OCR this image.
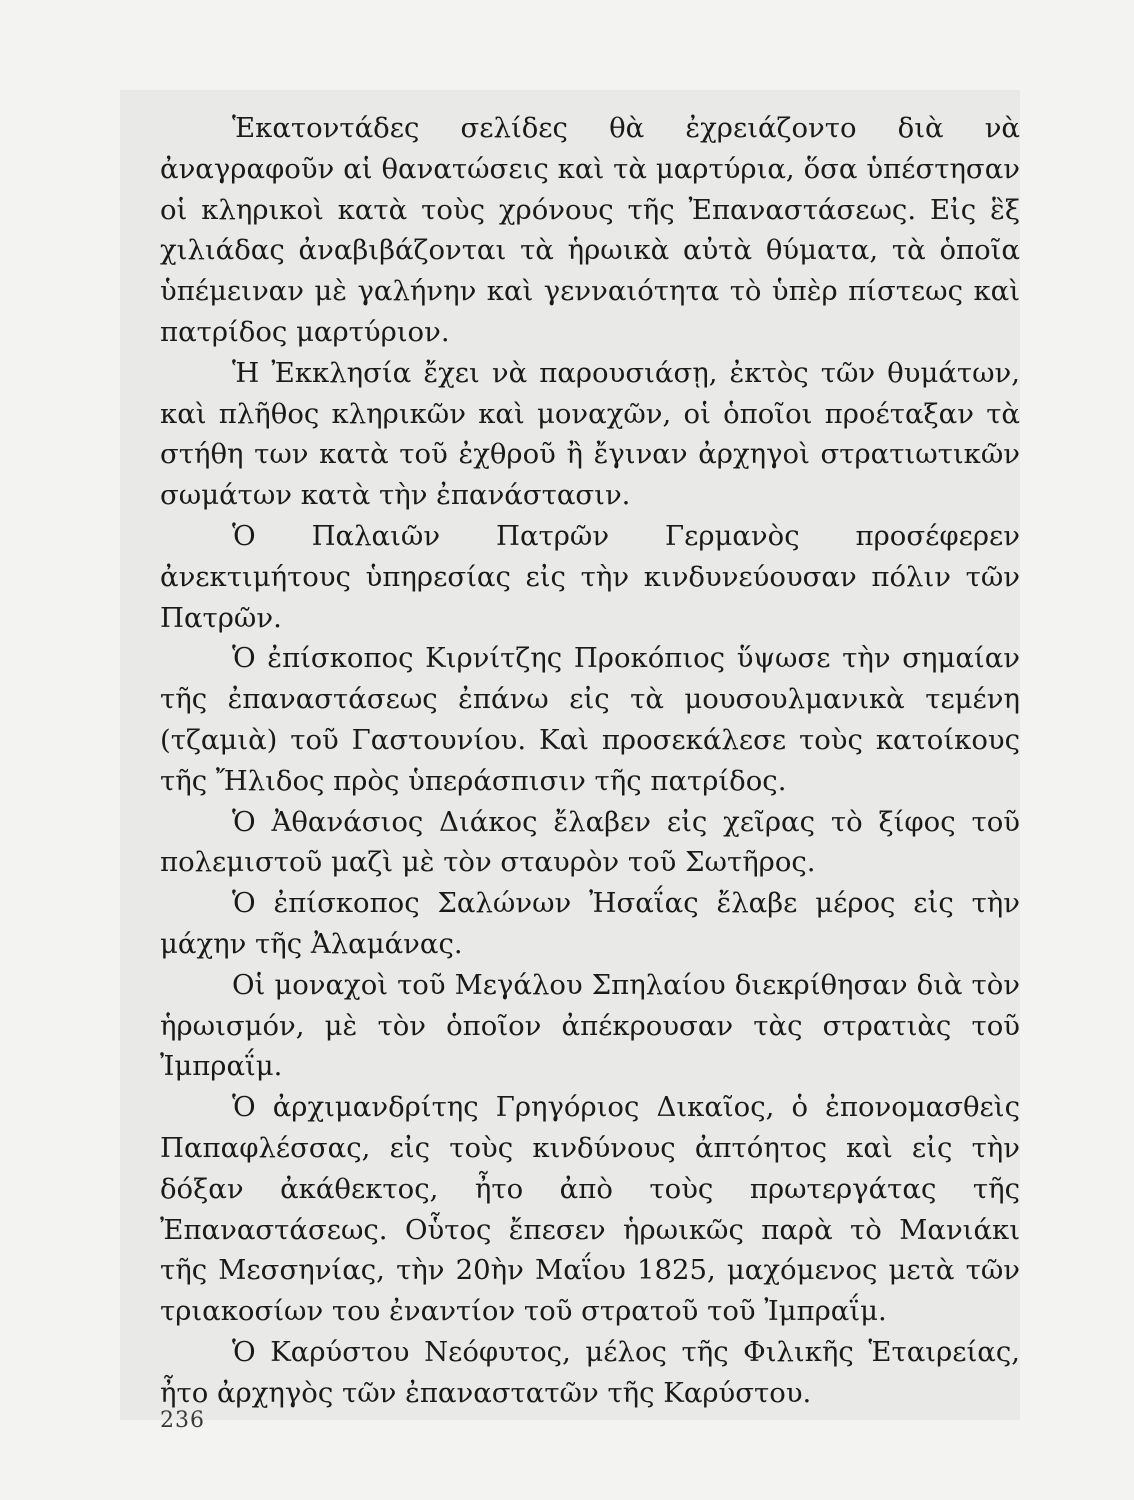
Ἑκατοντάδες σελίδες θὰ ἐχρειάζοντο διὰ νὰ ἀναγραφοῦν αἱ θανατώσεις καὶ τὰ μαρτύρια, ὅσα ὑπέστησαν οἱ κληρικοὶ κατὰ τοὺς χρόνους τῆς Ἐπαναστάσεως. Εἰς ἓξ χιλιάδας ἀναβιβάζονται τὰ ἡρωικὰ αὐτὰ θύματα, τὰ ὁποῖα ὑπέμειναν μὲ γαλήνην καὶ γενναιότητα τὸ ὑπὲρ πίστεως καὶ πατρίδος μαρτύριον.

Ἡ Ἐκκλησία ἔχει νὰ παρουσιάσῃ, ἐκτὸς τῶν θυμάτων, καὶ πλῆθος κληρικῶν καὶ μοναχῶν, οἱ ὁποῖοι προέταξαν τὰ στήθη των κατὰ τοῦ ἐχθροῦ ἢ ἔγιναν ἀρχηγοὶ στρατιωτικῶν σωμάτων κατὰ τὴν ἐπανάστασιν.

Ὁ Παλαιῶν Πατρῶν Γερμανὸς προσέφερεν ἀνεκτιμήτους ὑπηρεσίας εἰς τὴν κινδυνεύουσαν πόλιν τῶν Πατρῶν.

Ὁ ἐπίσκοπος Κιρνίτζης Προκόπιος ὕψωσε τὴν σημαίαν τῆς ἐπαναστάσεως ἐπάνω εἰς τὰ μουσουλμανικὰ τεμένη (τζαμιὰ) τοῦ Γαστουνίου. Καὶ προσεκάλεσε τοὺς κατοίκους τῆς Ἤλιδος πρὸς ὑπεράσπισιν τῆς πατρίδος.

Ὁ Ἀθανάσιος Διάκος ἔλαβεν εἰς χεῖρας τὸ ξίφος τοῦ πολεμιστοῦ μαζὶ μὲ τὸν σταυρὸν τοῦ Σωτῆρος.

Ὁ ἐπίσκοπος Σαλώνων Ἠσαΐας ἔλαβε μέρος εἰς τὴν μάχην τῆς Ἀλαμάνας.

Οἱ μοναχοὶ τοῦ Μεγάλου Σπηλαίου διεκρίθησαν διὰ τὸν ἡρωισμόν, μὲ τὸν ὁποῖον ἀπέκρουσαν τὰς στρατιὰς τοῦ Ἰμπραΐμ.

Ὁ ἀρχιμανδρίτης Γρηγόριος Δικαῖος, ὁ ἐπονομασθεὶς Παπαφλέσσας, εἰς τοὺς κινδύνους ἀπτόητος καὶ εἰς τὴν δόξαν ἀκάθεκτος, ἦτο ἀπὸ τοὺς πρωτεργάτας τῆς Ἐπαναστάσεως. Οὗτος ἔπεσεν ἡρωικῶς παρὰ τὸ Μανιάκι τῆς Μεσσηνίας, τὴν 20ὴν Μαΐου 1825, μαχόμενος μετὰ τῶν τριακοσίων του ἐναντίον τοῦ στρατοῦ τοῦ Ἰμπραΐμ.

Ὁ Καρύστου Νεόφυτος, μέλος τῆς Φιλικῆς Ἑταιρείας, ἦτο ἀρχηγὸς τῶν ἐπαναστατῶν τῆς Καρύστου.

236
